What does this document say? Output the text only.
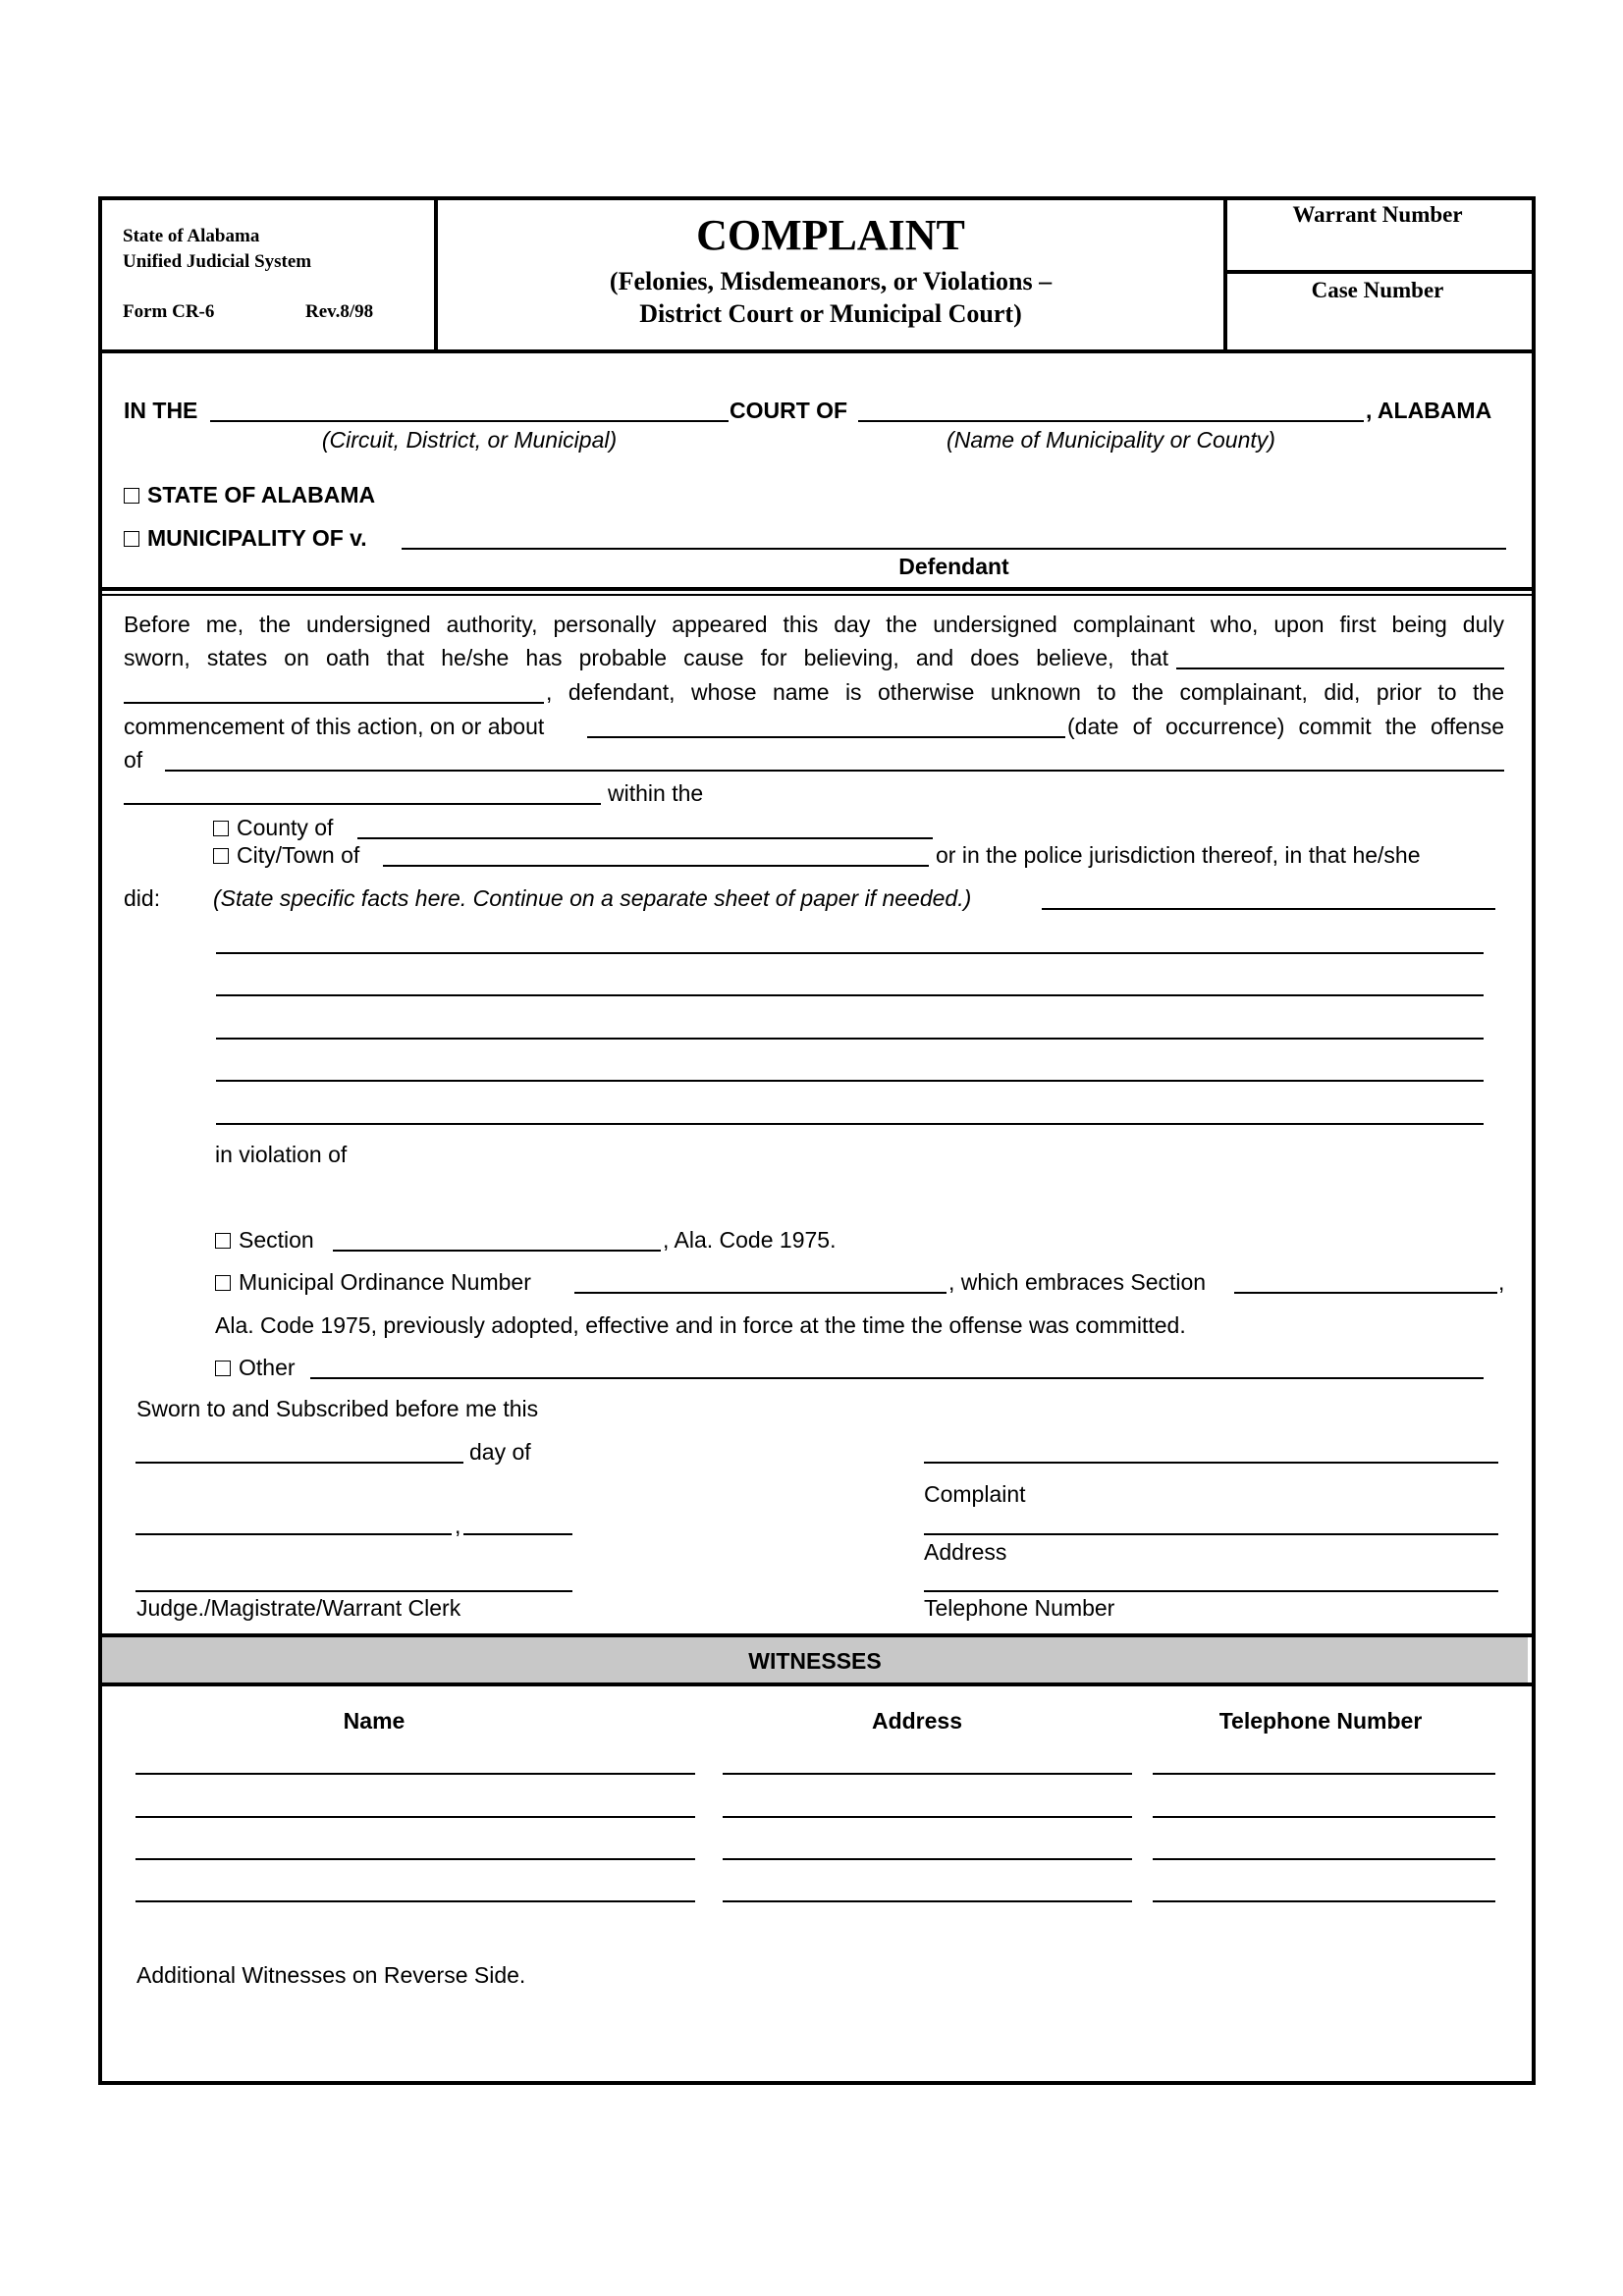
State of Alabama
Unified Judicial System
Form CR-6	Rev.8/98
COMPLAINT
(Felonies, Misdemeanors, or Violations –
District Court or Municipal Court)
Warrant Number
Case Number
IN THE	COURT OF	, ALABAMA
(Circuit, District, or Municipal)	(Name of Municipality or County)
STATE OF ALABAMA
MUNICIPALITY OF v.
Defendant
Before me, the undersigned authority, personally appeared this day the undersigned complainant who, upon first being duly
sworn, states on oath that he/she has probable cause for believing, and does believe, that
, defendant, whose name is otherwise unknown to the complainant, did, prior to the
commencement of this action, on or about	(date of occurrence) commit the offense
of
within the
County of
City/Town of	or in the police jurisdiction thereof, in that he/she
did: (State specific facts here. Continue on a separate sheet of paper if needed.)
in violation of
Section	, Ala. Code 1975.
Municipal Ordinance Number	, which embraces Section	,
Ala. Code 1975, previously adopted, effective and in force at the time the offense was committed.
Other
Sworn to and Subscribed before me this
day of
,
Judge./Magistrate/Warrant Clerk
Complaint
Address
Telephone Number
WITNESSES
Name	Address	Telephone Number
Additional Witnesses on Reverse Side.
